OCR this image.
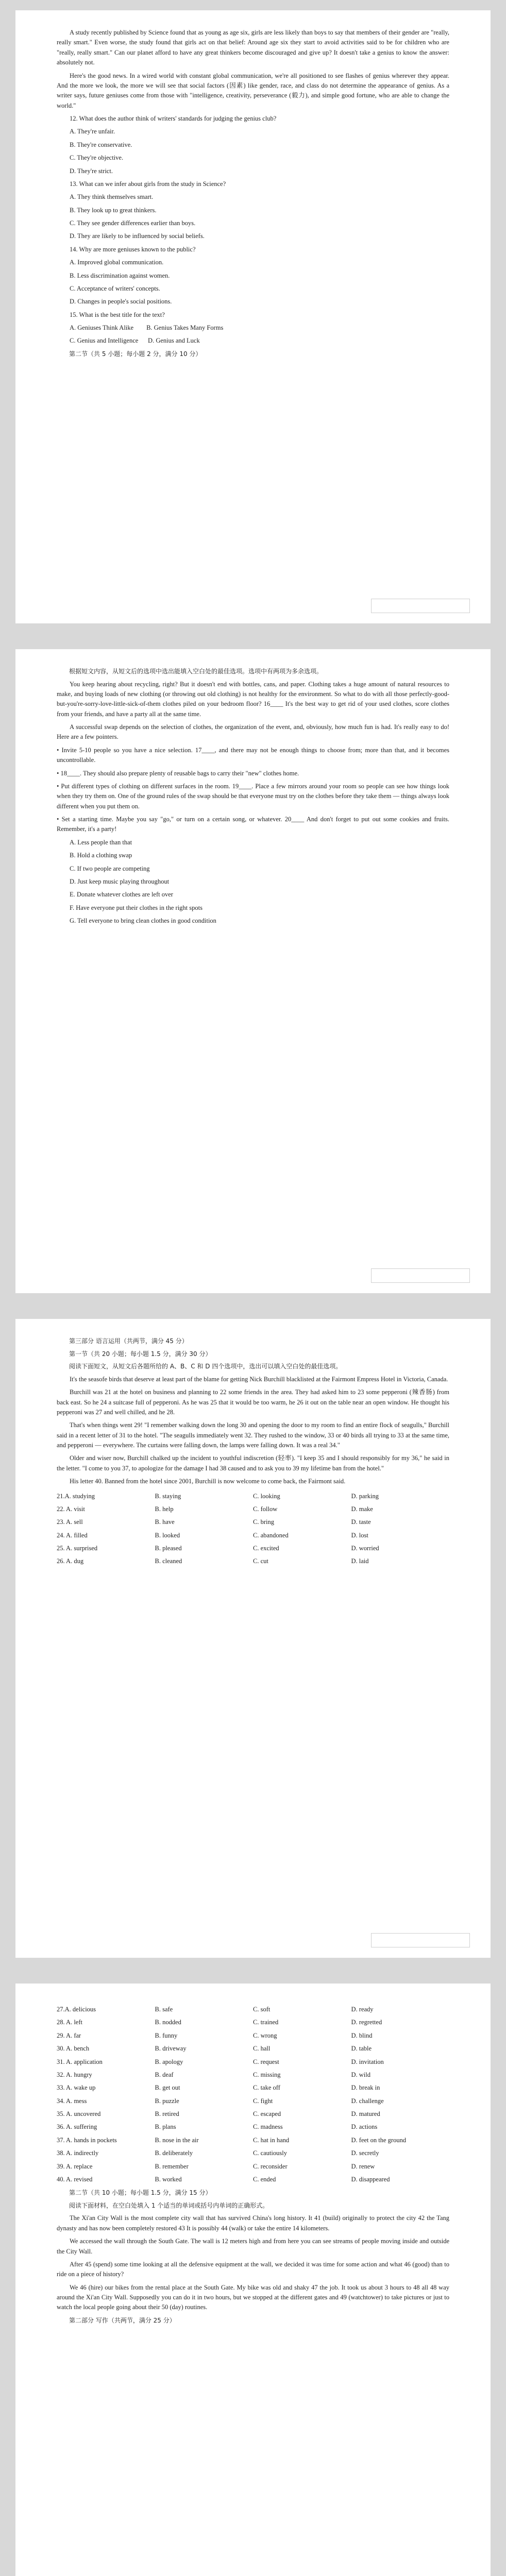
A study recently published by Science found that as young as age six, girls are less likely than boys to say that members of their gender are "really, really smart." Even worse, the study found that girls act on that belief: Around age six they start to avoid activities said to be for children who are "really, really smart." Can our planet afford to have any great thinkers become discouraged and give up? It doesn't take a genius to know the answer: absolutely not.

Here's the good news. In a wired world with constant global communication, we're all positioned to see flashes of genius wherever they appear. And the more we look, the more we will see that social factors (因素) like gender, race, and class do not determine the appearance of genius. As a writer says, future geniuses come from those with "intelligence, creativity, perseverance (毅力), and simple good fortune, who are able to change the world."

12. What does the author think of writers' standards for judging the genius club?

A. They're unfair.

B. They're conservative.

C. They're objective.

D. They're strict.

13. What can we infer about girls from the study in Science?

A. They think themselves smart.

B. They look up to great thinkers.

C. They see gender differences earlier than boys.

D. They are likely to be influenced by social beliefs.

14. Why are more geniuses known to the public?

A. Improved global communication.

B. Less discrimination against women.

C. Acceptance of writers' concepts.

D. Changes in people's social positions.

15. What is the best title for the text?

A. Geniuses Think Alike        B. Genius Takes Many Forms

C. Genius and Intelligence      D. Genius and Luck

第二节（共 5 小题；每小题 2 分，满分 10 分）

根据短文内容，从短文后的选项中选出能填入空白处的最佳选项。选项中有两项为多余选项。

You keep hearing about recycling, right? But it doesn't end with bottles, cans, and paper. Clothing takes a huge amount of natural resources to make, and buying loads of new clothing (or throwing out old clothing) is not healthy for the environment. So what to do with all those perfectly-good-but-you're-sorry-love-little-sick-of-them clothes piled on your bedroom floor? 16____ It's the best way to get rid of your used clothes, score clothes from your friends, and have a party all at the same time.

A successful swap depends on the selection of clothes, the organization of the event, and, obviously, how much fun is had. It's really easy to do! Here are a few pointers.

• Invite 5-10 people so you have a nice selection. 17____, and there may not be enough things to choose from; more than that, and it becomes uncontrollable.

• 18____. They should also prepare plenty of reusable bags to carry their "new" clothes home.

• Put different types of clothing on different surfaces in the room. 19____. Place a few mirrors around your room so people can see how things look when they try them on. One of the ground rules of the swap should be that everyone must try on the clothes before they take them — things always look different when you put them on.

• Set a starting time. Maybe you say "go," or turn on a certain song, or whatever. 20____ And don't forget to put out some cookies and fruits. Remember, it's a party!

A. Less people than that

B. Hold a clothing swap

C. If two people are competing

D. Just keep music playing throughout

E. Donate whatever clothes are left over

F. Have everyone put their clothes in the right spots

G. Tell everyone to bring clean clothes in good condition

第三部分 语言运用（共两节，满分 45 分）

第一节（共 20 小题；每小题 1.5 分，满分 30 分）

阅读下面短文，从短文后各题所给的 A、B、C 和 D 四个选项中，选出可以填入空白处的最佳选项。

It's the seasofe birds that deserve at least part of the blame for getting Nick Burchill blacklisted at the Fairmont Empress Hotel in Victoria, Canada.

Burchill was 21 at the hotel on business and planning to 22 some friends in the area. They had asked him to 23 some pepperoni (辣香肠) from back east. So he 24 a suitcase full of pepperoni. As he was 25 that it would be too warm, he 26 it out on the table near an open window. He thought his pepperoni was 27 and well chilled, and he 28.

That's when things went 29! "I remember walking down the long 30 and opening the door to my room to find an entire flock of seagulls," Burchill said in a recent letter of 31 to the hotel. "The seagulls immediately went 32. They rushed to the window, 33 or 40 birds all trying to 33 at the same time, and pepperoni — everywhere. The curtains were falling down, the lamps were falling down. It was a real 34."

Older and wiser now, Burchill chalked up the incident to youthful indiscretion (轻率). "I keep 35 and I should responsibly for my 36," he said in the letter. "I come to you 37, to apologize for the damage I had 38 caused and to ask you to 39 my lifetime ban from the hotel."

His letter 40. Banned from the hotel since 2001, Burchill is now welcome to come back, the Fairmont said.

21.A. studying	B. staying	C. looking	D. parking
22. A. visit	B. help	C. follow	D. make
23. A. sell	B. have	C. bring	D. taste
24. A. filled	B. looked	C. abandoned	D. lost
25. A. surprised	B. pleased	C. excited	D. worried
26. A. dug	B. cleaned	C. cut	D. laid
27.A. delicious	B. safe	C. soft	D. ready
28. A. left	B. nodded	C. trained	D. regretted
29. A. far	B. funny	C. wrong	D. blind
30. A. bench	B. driveway	C. hall	D. table
31. A. application	B. apology	C. request	D. invitation
32. A. hungry	B. deaf	C. missing	D. wild
33. A. wake up	B. get out	C. take off	D. break in
34. A. mess	B. puzzle	C. fight	D. challenge
35. A. uncovered	B. retired	C. escaped	D. matured
36. A. suffering	B. plans	C. madness	D. actions
37. A. hands in pockets	B. nose in the air	C. hat in hand	D. feet on the ground
38. A. indirectly	B. deliberately	C. cautiously	D. secretly
39. A. replace	B. remember	C. reconsider	D. renew
40. A. revised	B. worked	C. ended	D. disappeared

第二节（共 10 小题；每小题 1.5 分，满分 15 分）

阅读下面材料，在空白处填入 1 个适当的单词或括号内单词的正确形式。

The Xi'an City Wall is the most complete city wall that has survived China's long history. It 41 (build) originally to protect the city 42 the Tang dynasty and has now been completely restored 43 It is possibly 44 (walk) or take the entire 14 kilometers.

We accessed the wall through the South Gate. The wall is 12 meters high and from here you can see streams of people moving inside and outside the City Wall.

After 45 (spend) some time looking at all the defensive equipment at the wall, we decided it was time for some action and what 46 (good) than to ride on a piece of history?

We 46 (hire) our bikes from the rental place at the South Gate. My bike was old and shaky 47 the job. It took us about 3 hours to 48 all 48 way around the Xi'an City Wall. Supposedly you can do it in two hours, but we stopped at the different gates and 49 (watchtower) to take pictures or just to watch the local people going about their 50 (day) routines.

第二部分 写作（共两节，满分 25 分）
